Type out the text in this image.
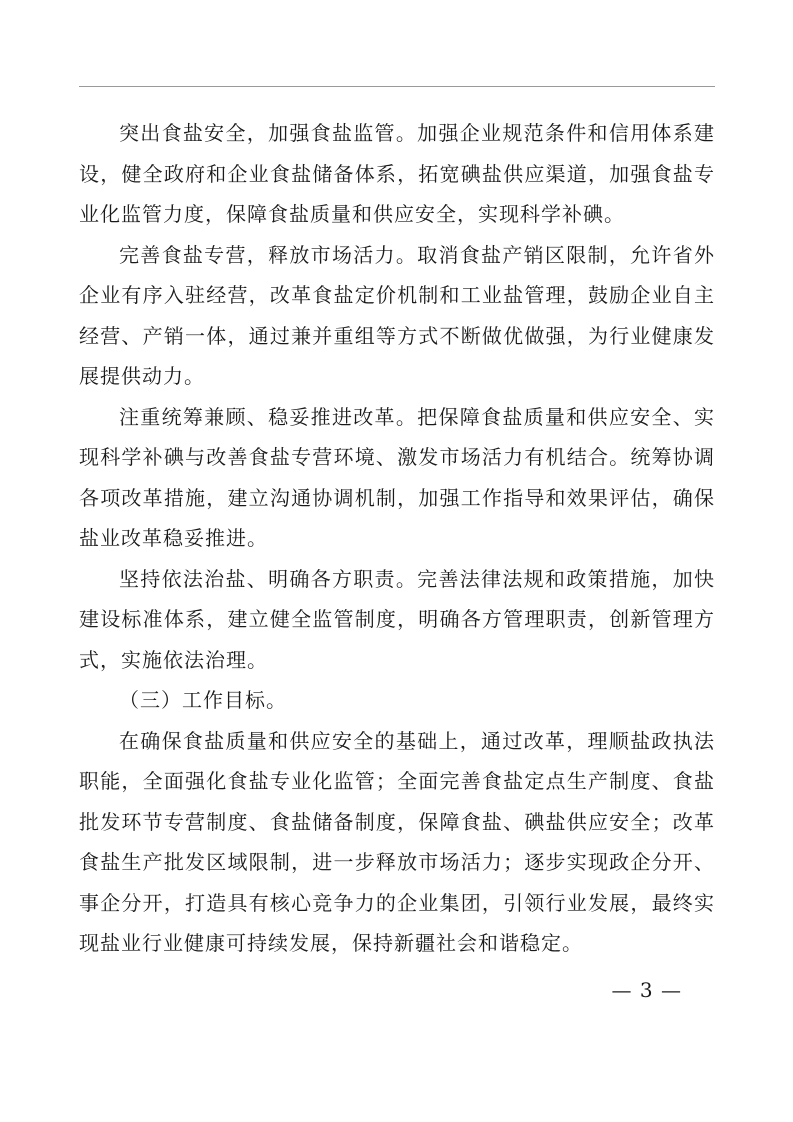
突出食盐安全，加强食盐监管。加强企业规范条件和信用体系建设，健全政府和企业食盐储备体系，拓宽碘盐供应渠道，加强食盐专业化监管力度，保障食盐质量和供应安全，实现科学补碘。

完善食盐专营，释放市场活力。取消食盐产销区限制，允许省外企业有序入驻经营，改革食盐定价机制和工业盐管理，鼓励企业自主经营、产销一体，通过兼并重组等方式不断做优做强，为行业健康发展提供动力。

注重统筹兼顾、稳妥推进改革。把保障食盐质量和供应安全、实现科学补碘与改善食盐专营环境、激发市场活力有机结合。统筹协调各项改革措施，建立沟通协调机制，加强工作指导和效果评估，确保盐业改革稳妥推进。

坚持依法治盐、明确各方职责。完善法律法规和政策措施，加快建设标准体系，建立健全监管制度，明确各方管理职责，创新管理方式，实施依法治理。

（三）工作目标。

在确保食盐质量和供应安全的基础上，通过改革，理顺盐政执法职能，全面强化食盐专业化监管；全面完善食盐定点生产制度、食盐批发环节专营制度、食盐储备制度，保障食盐、碘盐供应安全；改革食盐生产批发区域限制，进一步释放市场活力；逐步实现政企分开、事企分开，打造具有核心竞争力的企业集团，引领行业发展，最终实现盐业行业健康可持续发展，保持新疆社会和谐稳定。

— 3 —
